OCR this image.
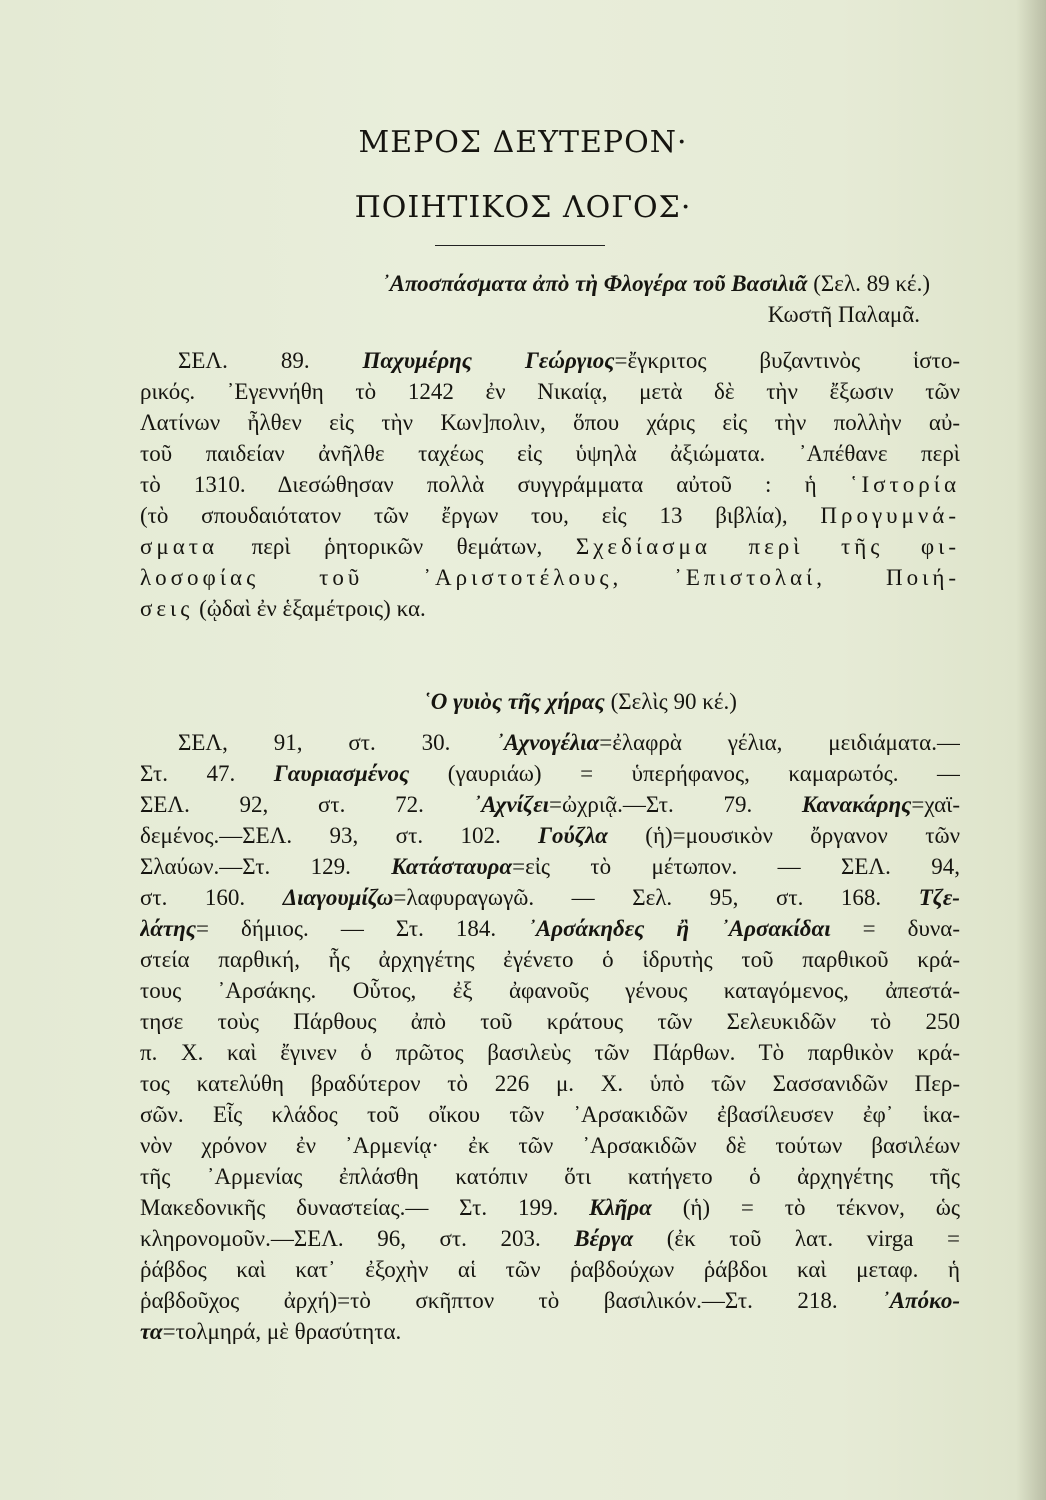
ΜΕΡΟΣ ΔΕΥΤΕΡΟΝ·
ΠΟΙΗΤΙΚΟΣ ΛΟΓΟΣ·
᾿Αποσπάσματα ἀπὸ τὴ Φλογέρα τοῦ Βασιλιᾶ (Σελ. 89 κέ.)
Κωστῆ Παλαμᾶ.
ΣΕΛ. 89. Παχυμέρης Γεώργιος=ἔγκριτος βυζαντινὸς ἱστο-
ρικός. ᾿Εγεννήθη τὸ 1242 ἐν Νικαίᾳ, μετὰ δὲ τὴν ἔξωσιν τῶν
Λατίνων ἦλθεν εἰς τὴν Κων]πολιν, ὅπου χάρις εἰς τὴν πολλὴν αὐ-
τοῦ παιδείαν ἀνῆλθε ταχέως εἰς ὑψηλὰ ἀξιώματα. ᾿Απέθανε περὶ
τὸ 1310. Διεσώθησαν πολλὰ συγγράμματα αὐτοῦ : ἡ ῾Ιστορία
(τὸ σπουδαιότατον τῶν ἔργων του, εἰς 13 βιβλία), Προγυμνά-
σματα περὶ ῥητορικῶν θεμάτων, Σχεδίασμα περὶ τῆς φι-
λοσοφίας τοῦ ᾿Αριστοτέλους, ᾿Επιστολαί, Ποιή-
σεις (ᾠδαὶ ἐν ἑξαμέτροις) κα.
῾Ο γυιὸς τῆς χήρας (Σελὶς 90 κέ.)
ΣΕΛ, 91, στ. 30. ᾿Αχνογέλια=ἐλαφρὰ γέλια, μειδιάματα.—
Στ. 47. Γαυριασμένος (γαυριάω) = ὑπερήφανος, καμαρωτός. —
ΣΕΛ. 92, στ. 72. ᾿Αχνίζει=ὠχριᾷ.—Στ. 79. Κανακάρης=χαϊ-
δεμένος.—ΣΕΛ. 93, στ. 102. Γούζλα (ἡ)=μουσικὸν ὄργανον τῶν
Σλαύων.—Στ. 129. Κατάσταυρα=εἰς τὸ μέτωπον. — ΣΕΛ. 94,
στ. 160. Διαγουμίζω=λαφυραγωγῶ. — Σελ. 95, στ. 168. Τζε-
λάτης= δήμιος. — Στ. 184. ᾿Αρσάκηδες ἢ ᾿Αρσακίδαι = δυνα-
στεία παρθική, ἧς ἀρχηγέτης ἐγένετο ὁ ἱδρυτὴς τοῦ παρθικοῦ κρά-
τους ᾿Αρσάκης. Οὗτος, ἐξ ἀφανοῦς γένους καταγόμενος, ἀπεστά-
τησε τοὺς Πάρθους ἀπὸ τοῦ κράτους τῶν Σελευκιδῶν τὸ 250
π. Χ. καὶ ἔγινεν ὁ πρῶτος βασιλεὺς τῶν Πάρθων. Τὸ παρθικὸν κρά-
τος κατελύθη βραδύτερον τὸ 226 μ. Χ. ὑπὸ τῶν Σασσανιδῶν Περ-
σῶν. Εἷς κλάδος τοῦ οἴκου τῶν ᾿Αρσακιδῶν ἐβασίλευσεν ἐφ᾿ ἱκα-
νὸν χρόνον ἐν ᾿Αρμενίᾳ· ἐκ τῶν ᾿Αρσακιδῶν δὲ τούτων βασιλέων
τῆς ᾿Αρμενίας ἐπλάσθη κατόπιν ὅτι κατήγετο ὁ ἀρχηγέτης τῆς
Μακεδονικῆς δυναστείας.— Στ. 199. Κλῆρα (ἡ) = τὸ τέκνον, ὡς
κληρονομοῦν.—ΣΕΛ. 96, στ. 203. Βέργα (ἐκ τοῦ λατ. virga =
ῥάβδος καὶ κατ᾿ ἐξοχὴν αἱ τῶν ῥαβδούχων ῥάβδοι καὶ μεταφ. ἡ
ῥαβδοῦχος ἀρχή)=τὸ σκῆπτον τὸ βασιλικόν.—Στ. 218. ᾿Απόκο-
τα=τολμηρά, μὲ θρασύτητα.
